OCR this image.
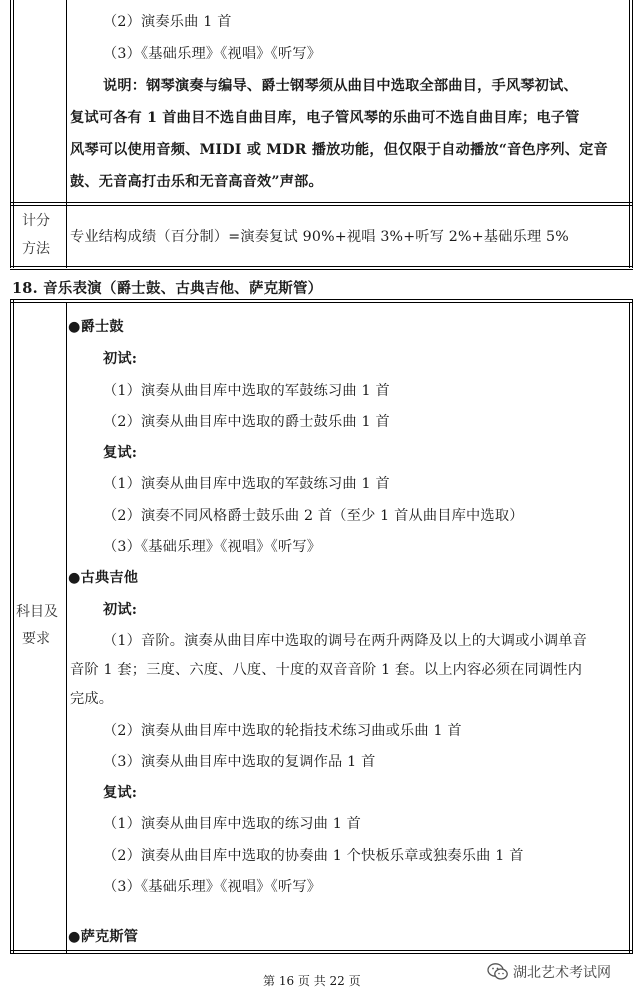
（2）演奏乐曲 1 首
（3）《基础乐理》《视唱》《听写》
说明：钢琴演奏与编导、爵士钢琴须从曲目中选取全部曲目，手风琴初试、
复试可各有 1 首曲目不选自曲目库，电子管风琴的乐曲可不选自曲目库；电子管
风琴可以使用音频、MIDI 或 MDR 播放功能，但仅限于自动播放“音色序列、定音
鼓、无音高打击乐和无音高音效”声部。
计分
方法
专业结构成绩（百分制）=演奏复试 90%+视唱 3%+听写 2%+基础乐理 5%
18. 音乐表演（爵士鼓、古典吉他、萨克斯管）
科目及
要求
●爵士鼓
初试:
（1）演奏从曲目库中选取的军鼓练习曲 1 首
（2）演奏从曲目库中选取的爵士鼓乐曲 1 首
复试:
（1）演奏从曲目库中选取的军鼓练习曲 1 首
（2）演奏不同风格爵士鼓乐曲 2 首（至少 1 首从曲目库中选取）
（3）《基础乐理》《视唱》《听写》
●古典吉他
初试:
（1）音阶。演奏从曲目库中选取的调号在两升两降及以上的大调或小调单音
音阶 1 套；三度、六度、八度、十度的双音音阶 1 套。以上内容必须在同调性内
完成。
（2）演奏从曲目库中选取的轮指技术练习曲或乐曲 1 首
（3）演奏从曲目库中选取的复调作品 1 首
复试:
（1）演奏从曲目库中选取的练习曲 1 首
（2）演奏从曲目库中选取的协奏曲 1 个快板乐章或独奏乐曲 1 首
（3）《基础乐理》《视唱》《听写》
●萨克斯管
第 16 页 共 22 页	湖北艺术考试网
